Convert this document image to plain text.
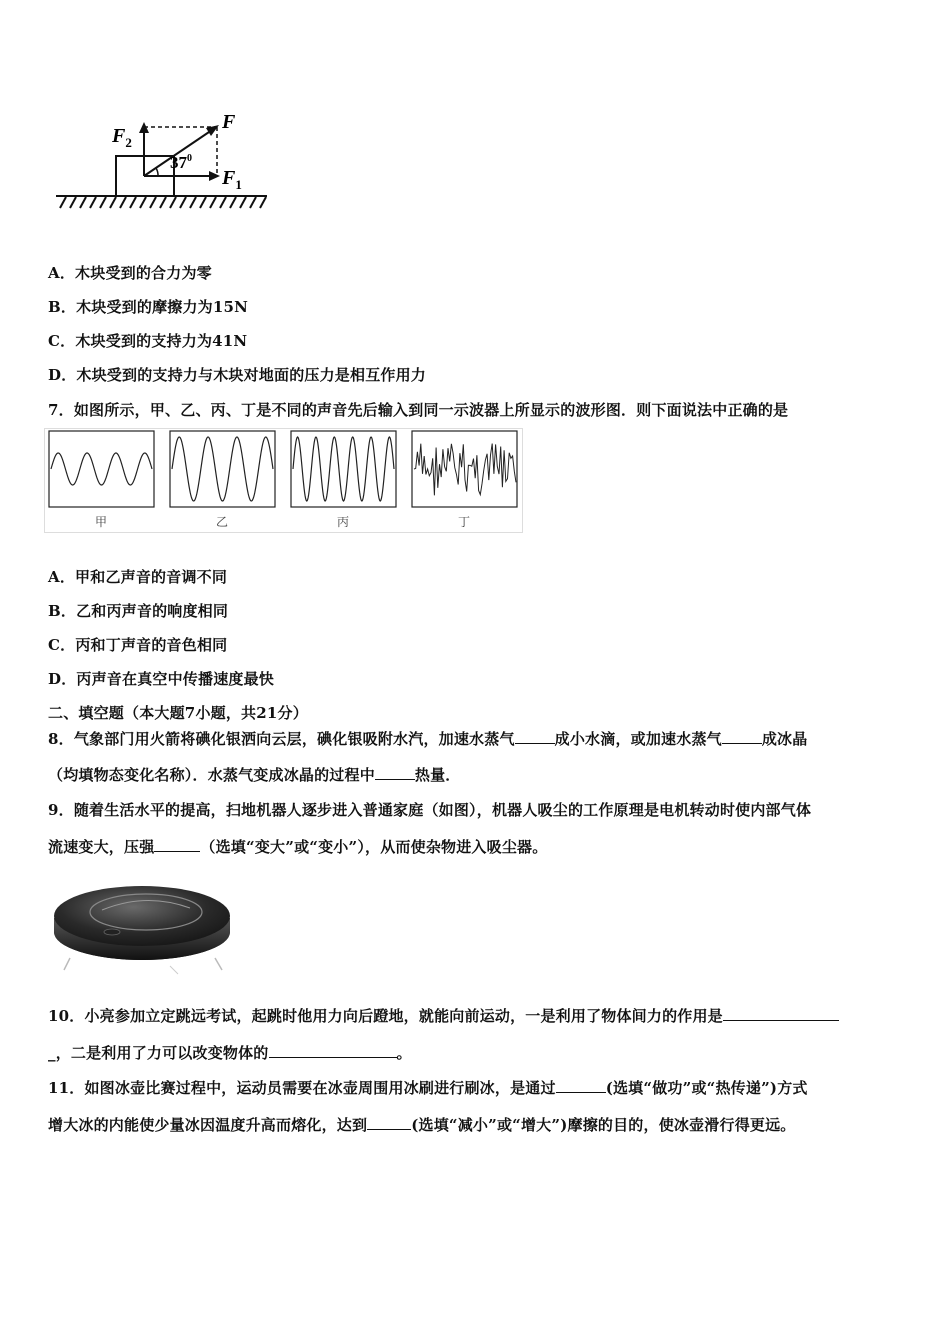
F
$F_2$
$F_1$
$37^0$
A．木块受到的合力为零
B．木块受到的摩擦力为15N
C．木块受到的支持力为41N
D．木块受到的支持力与木块对地面的压力是相互作用力
7．如图所示，甲、乙、丙、丁是不同的声音先后输入到同一示波器上所显示的波形图．则下面说法中正确的是
甲	乙	丙	丁
A．甲和乙声音的音调不同
B．乙和丙声音的响度相同
C．丙和丁声音的音色相同
D．丙声音在真空中传播速度最快
二、填空题（本大题7小题，共21分）
8．气象部门用火箭将碘化银洒向云层，碘化银吸附水汽，加速水蒸气	成小水滴，或加速水蒸气	成冰晶
（均填物态变化名称）．水蒸气变成冰晶的过程中	热量．
9．随着生活水平的提高，扫地机器人逐步进入普通家庭（如图），机器人吸尘的工作原理是电机转动时使内部气体
流速变大，压强	（选填“变大”或“变小”），从而使杂物进入吸尘器。
10．小亮参加立定跳远考试，起跳时他用力向后蹬地，就能向前运动，一是利用了物体间力的作用是
_，二是利用了力可以改变物体的	。
11．如图冰壶比赛过程中，运动员需要在冰壶周围用冰刷进行刷冰，是通过	(选填“做功”或“热传递”)方式
增大冰的内能使少量冰因温度升高而熔化，达到	(选填“减小”或“增大”)摩擦的目的，使冰壶滑行得更远。
